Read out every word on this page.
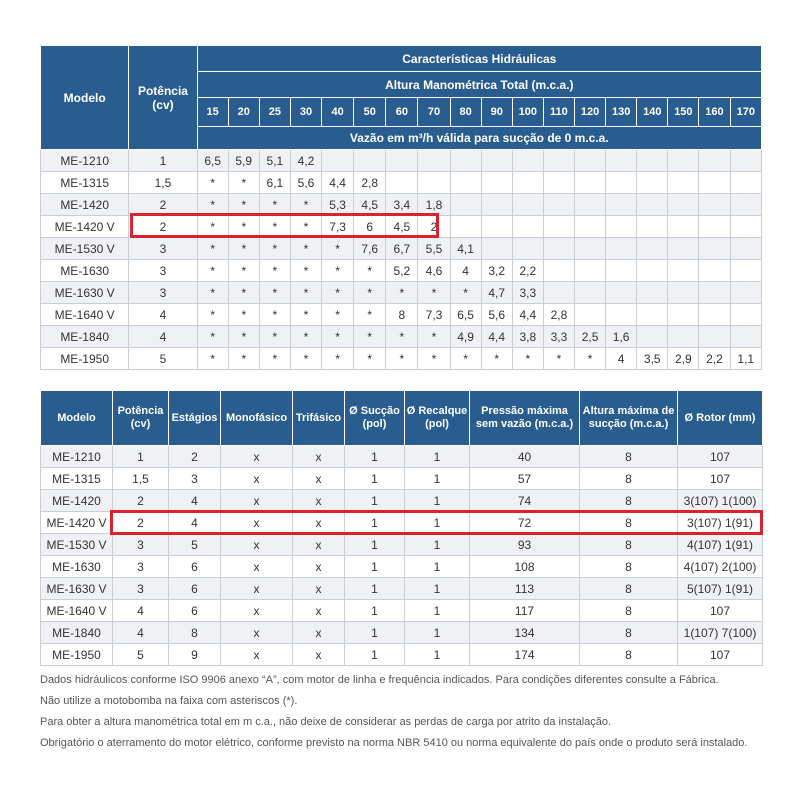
Modelo	Potência (cv)	Características Hidráulicas																	
		Altura Manométrica Total (m.c.a.)																	
		15	20	25	30	40	50	60	70	80	90	100	110	120	130	140	150	160	170
		Vazão em m³/h válida para sucção de 0 m.c.a.																	
ME-1210	1	6,5	5,9	5,1	4,2														
ME-1315	1,5	*	*	6,1	5,6	4,4	2,8												
ME-1420	2	*	*	*	*	5,3	4,5	3,4	1,8										
ME-1420 V	2	*	*	*	*	7,3	6	4,5	2										
ME-1530 V	3	*	*	*	*	*	7,6	6,7	5,5	4,1									
ME-1630	3	*	*	*	*	*	*	5,2	4,6	4	3,2	2,2							
ME-1630 V	3	*	*	*	*	*	*	*	*	*	4,7	3,3							
ME-1640 V	4	*	*	*	*	*	*	8	7,3	6,5	5,6	4,4	2,8						
ME-1840	4	*	*	*	*	*	*	*	*	4,9	4,4	3,8	3,3	2,5	1,6				
ME-1950	5	*	*	*	*	*	*	*	*	*	*	*	*	*	4	3,5	2,9	2,2	1,1
Modelo	Potência (cv)	Estágios	Monofásico	Trifásico	Ø Sucção (pol)	Ø Recalque (pol)	Pressão máxima sem vazão (m.c.a.)	Altura máxima de sucção (m.c.a.)	Ø Rotor (mm)
ME-1210	1	2	x	x	1	1	40	8	107
ME-1315	1,5	3	x	x	1	1	57	8	107
ME-1420	2	4	x	x	1	1	74	8	3(107) 1(100)
ME-1420 V	2	4	x	x	1	1	72	8	3(107) 1(91)
ME-1530 V	3	5	x	x	1	1	93	8	4(107) 1(91)
ME-1630	3	6	x	x	1	1	108	8	4(107) 2(100)
ME-1630 V	3	6	x	x	1	1	113	8	5(107) 1(91)
ME-1640 V	4	6	x	x	1	1	117	8	107
ME-1840	4	8	x	x	1	1	134	8	1(107) 7(100)
ME-1950	5	9	x	x	1	1	174	8	107

Dados hidráulicos conforme ISO 9906 anexo “A”, com motor de linha e frequência indicados. Para condições diferentes consulte a Fábrica.

Não utilize a motobomba na faixa com asteriscos (*).

Para obter a altura manométrica total em m c.a., não deixe de considerar as perdas de carga por atrito da instalação.

Obrigatório o aterramento do motor elétrico, conforme previsto na norma NBR 5410 ou norma equivalente do país onde o produto será instalado.
